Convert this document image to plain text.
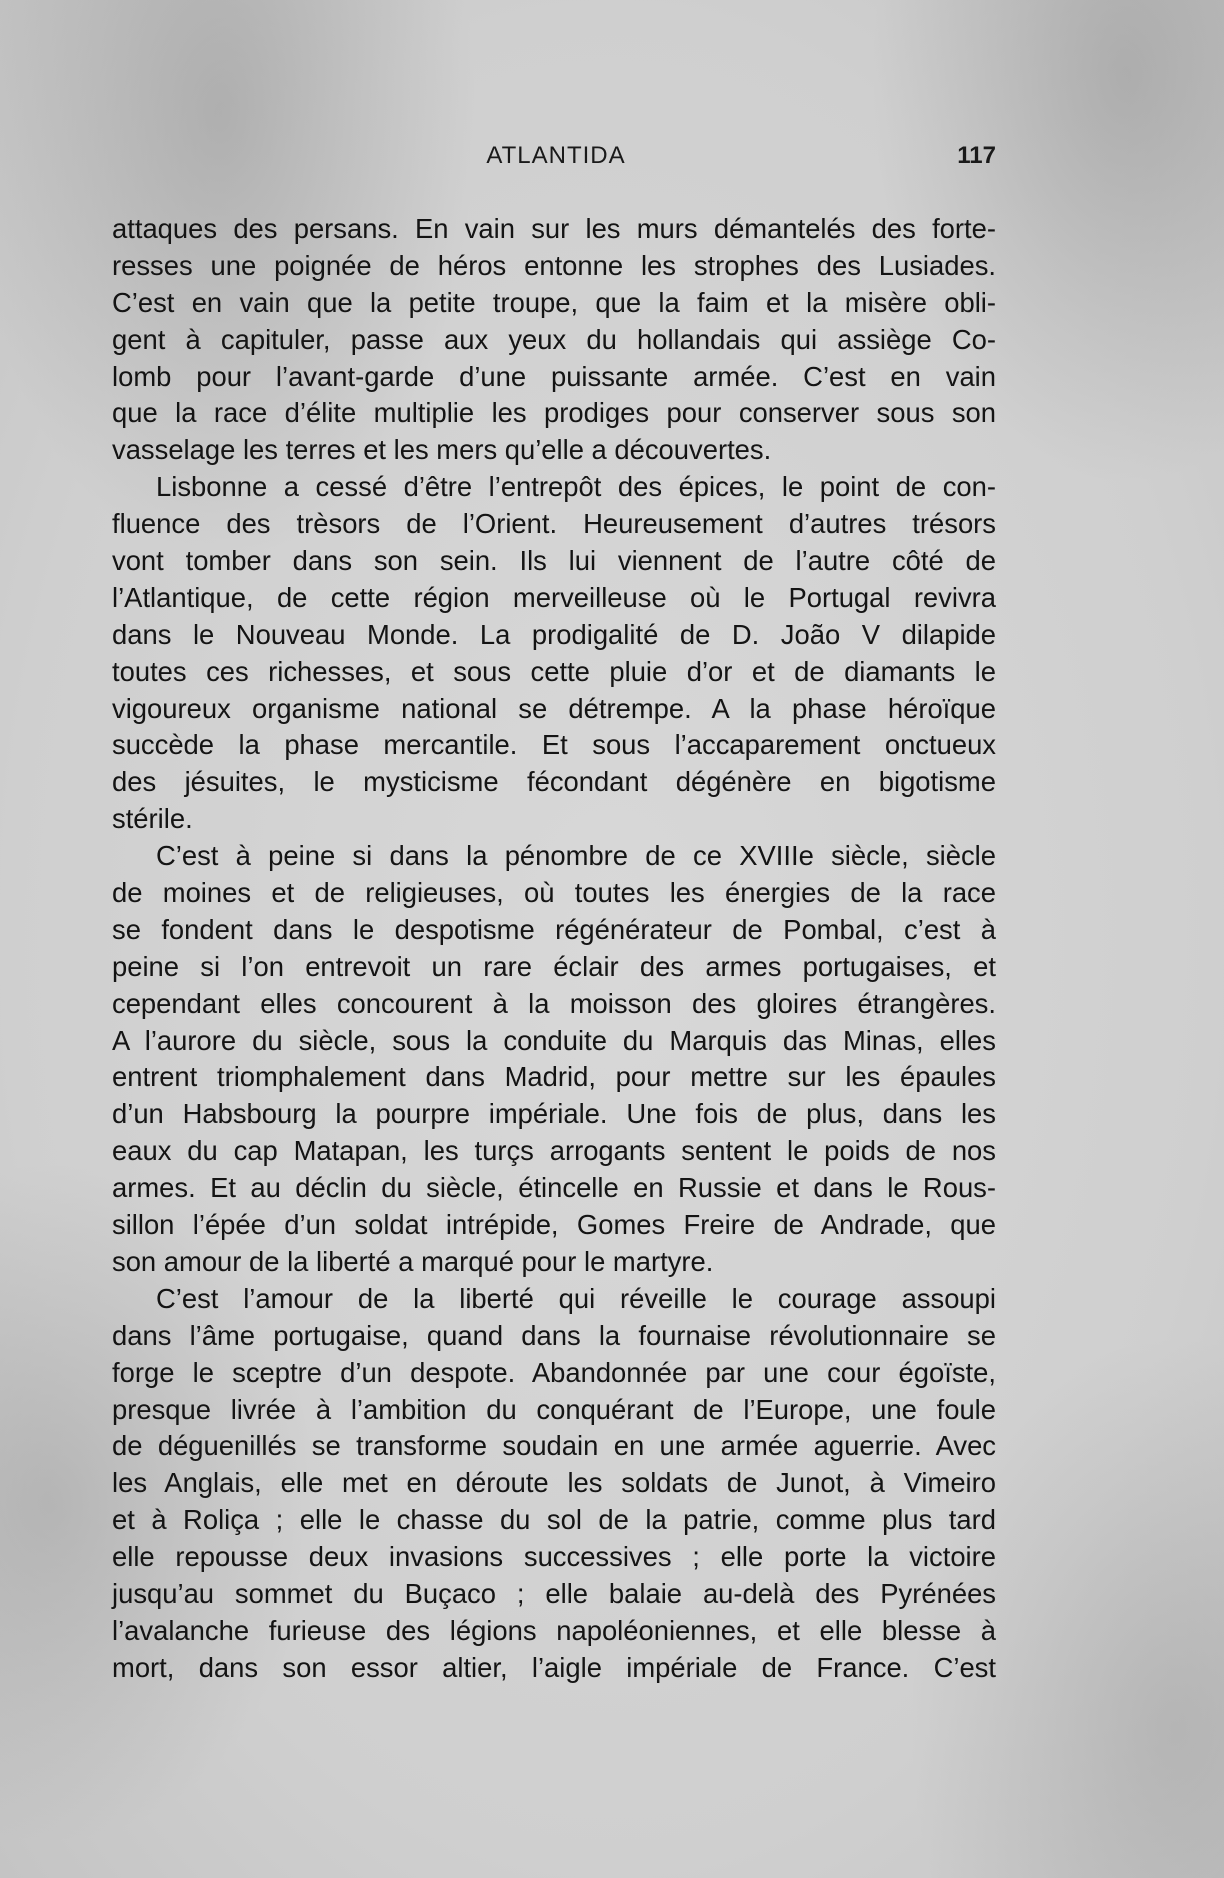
ATLANTIDA	117
attaques des persans. En vain sur les murs démantelés des forte-
resses une poignée de héros entonne les strophes des Lusiades.
C’est en vain que la petite troupe, que la faim et la misère obli-
gent à capituler, passe aux yeux du hollandais qui assiège Co-
lomb pour l’avant-garde d’une puissante armée. C’est en vain
que la race d’élite multiplie les prodiges pour conserver sous son
vasselage les terres et les mers qu’elle a découvertes.
Lisbonne a cessé d’être l’entrepôt des épices, le point de con-
fluence des trèsors de l’Orient. Heureusement d’autres trésors
vont tomber dans son sein. Ils lui viennent de l’autre côté de
l’Atlantique, de cette région merveilleuse où le Portugal revivra
dans le Nouveau Monde. La prodigalité de D. João V dilapide
toutes ces richesses, et sous cette pluie d’or et de diamants le
vigoureux organisme national se détrempe. A la phase héroïque
succède la phase mercantile. Et sous l’accaparement onctueux
des jésuites, le mysticisme fécondant dégénère en bigotisme
stérile.
C’est à peine si dans la pénombre de ce XVIIIe siècle, siècle
de moines et de religieuses, où toutes les énergies de la race
se fondent dans le despotisme régénérateur de Pombal, c’est à
peine si l’on entrevoit un rare éclair des armes portugaises, et
cependant elles concourent à la moisson des gloires étrangères.
A l’aurore du siècle, sous la conduite du Marquis das Minas, elles
entrent triomphalement dans Madrid, pour mettre sur les épaules
d’un Habsbourg la pourpre impériale. Une fois de plus, dans les
eaux du cap Matapan, les turçs arrogants sentent le poids de nos
armes. Et au déclin du siècle, étincelle en Russie et dans le Rous-
sillon l’épée d’un soldat intrépide, Gomes Freire de Andrade, que
son amour de la liberté a marqué pour le martyre.
C’est l’amour de la liberté qui réveille le courage assoupi
dans l’âme portugaise, quand dans la fournaise révolutionnaire se
forge le sceptre d’un despote. Abandonnée par une cour égoïste,
presque livrée à l’ambition du conquérant de l’Europe, une foule
de déguenillés se transforme soudain en une armée aguerrie. Avec
les Anglais, elle met en déroute les soldats de Junot, à Vimeiro
et à Roliça ; elle le chasse du sol de la patrie, comme plus tard
elle repousse deux invasions successives ; elle porte la victoire
jusqu’au sommet du Buçaco ; elle balaie au-delà des Pyrénées
l’avalanche furieuse des légions napoléoniennes, et elle blesse à
mort, dans son essor altier, l’aigle impériale de France. C’est
